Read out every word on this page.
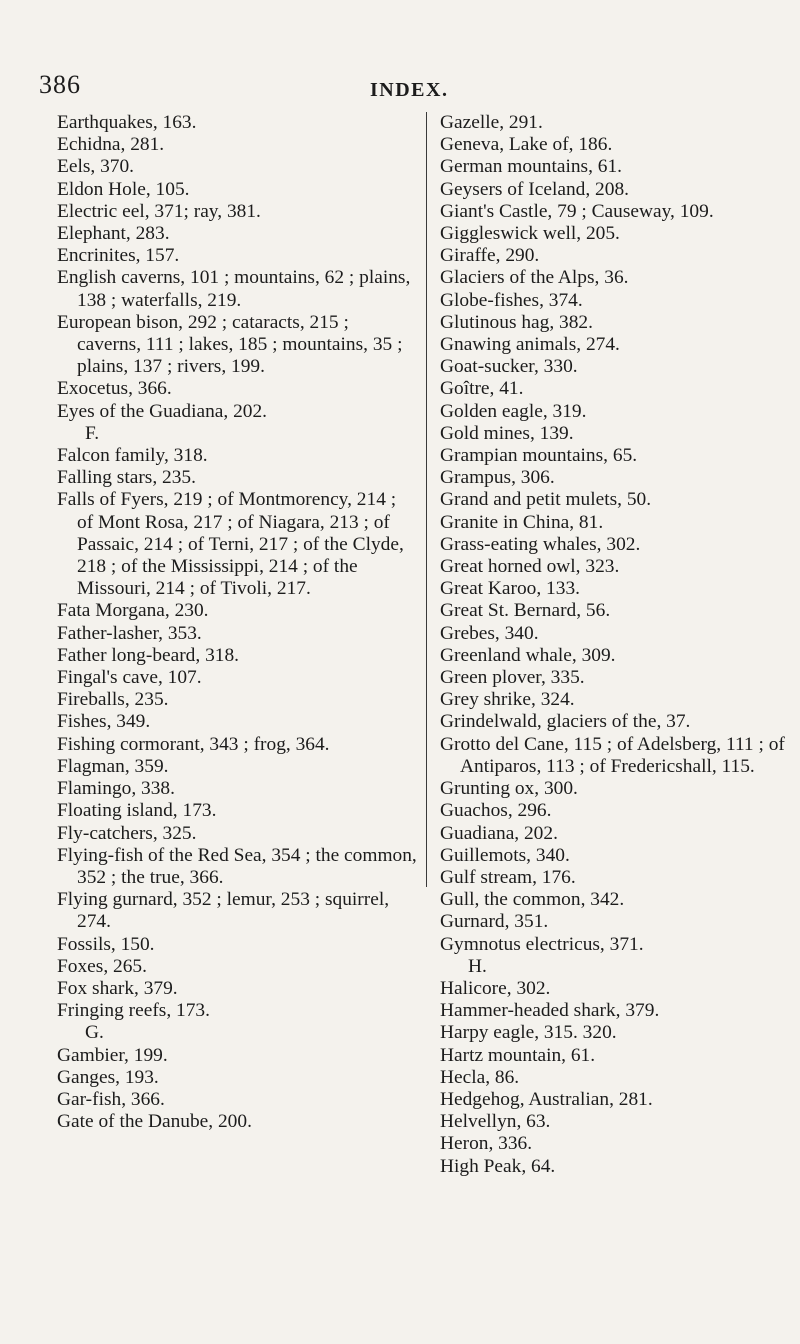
386	INDEX.

Earthquakes, 163.

Echidna, 281.

Eels, 370.

Eldon Hole, 105.

Electric eel, 371; ray, 381.

Elephant, 283.

Encrinites, 157.

English caverns, 101 ; mountains, 62 ; plains, 138 ; waterfalls, 219.

European bison, 292 ; cataracts, 215 ; caverns, 111 ; lakes, 185 ; mountains, 35 ; plains, 137 ; rivers, 199.

Exocetus, 366.

Eyes of the Guadiana, 202.

F.

Falcon family, 318.

Falling stars, 235.

Falls of Fyers, 219 ; of Montmorency, 214 ; of Mont Rosa, 217 ; of Niagara, 213 ; of Passaic, 214 ; of Terni, 217 ; of the Clyde, 218 ; of the Mississippi, 214 ; of the Missouri, 214 ; of Tivoli, 217.

Fata Morgana, 230.

Father-lasher, 353.

Father long-beard, 318.

Fingal's cave, 107.

Fireballs, 235.

Fishes, 349.

Fishing cormorant, 343 ; frog, 364.

Flagman, 359.

Flamingo, 338.

Floating island, 173.

Fly-catchers, 325.

Flying-fish of the Red Sea, 354 ; the common, 352 ; the true, 366.

Flying gurnard, 352 ; lemur, 253 ; squirrel, 274.

Fossils, 150.

Foxes, 265.

Fox shark, 379.

Fringing reefs, 173.

G.

Gambier, 199.

Ganges, 193.

Gar-fish, 366.

Gate of the Danube, 200.

Gazelle, 291.

Geneva, Lake of, 186.

German mountains, 61.

Geysers of Iceland, 208.

Giant's Castle, 79 ; Causeway, 109.

Giggleswick well, 205.

Giraffe, 290.

Glaciers of the Alps, 36.

Globe-fishes, 374.

Glutinous hag, 382.

Gnawing animals, 274.

Goat-sucker, 330.

Goître, 41.

Golden eagle, 319.

Gold mines, 139.

Grampian mountains, 65.

Grampus, 306.

Grand and petit mulets, 50.

Granite in China, 81.

Grass-eating whales, 302.

Great horned owl, 323.

Great Karoo, 133.

Great St. Bernard, 56.

Grebes, 340.

Greenland whale, 309.

Green plover, 335.

Grey shrike, 324.

Grindelwald, glaciers of the, 37.

Grotto del Cane, 115 ; of Adelsberg, 111 ; of Antiparos, 113 ; of Fredericshall, 115.

Grunting ox, 300.

Guachos, 296.

Guadiana, 202.

Guillemots, 340.

Gulf stream, 176.

Gull, the common, 342.

Gurnard, 351.

Gymnotus electricus, 371.

H.

Halicore, 302.

Hammer-headed shark, 379.

Harpy eagle, 315. 320.

Hartz mountain, 61.

Hecla, 86.

Hedgehog, Australian, 281.

Helvellyn, 63.

Heron, 336.

High Peak, 64.
